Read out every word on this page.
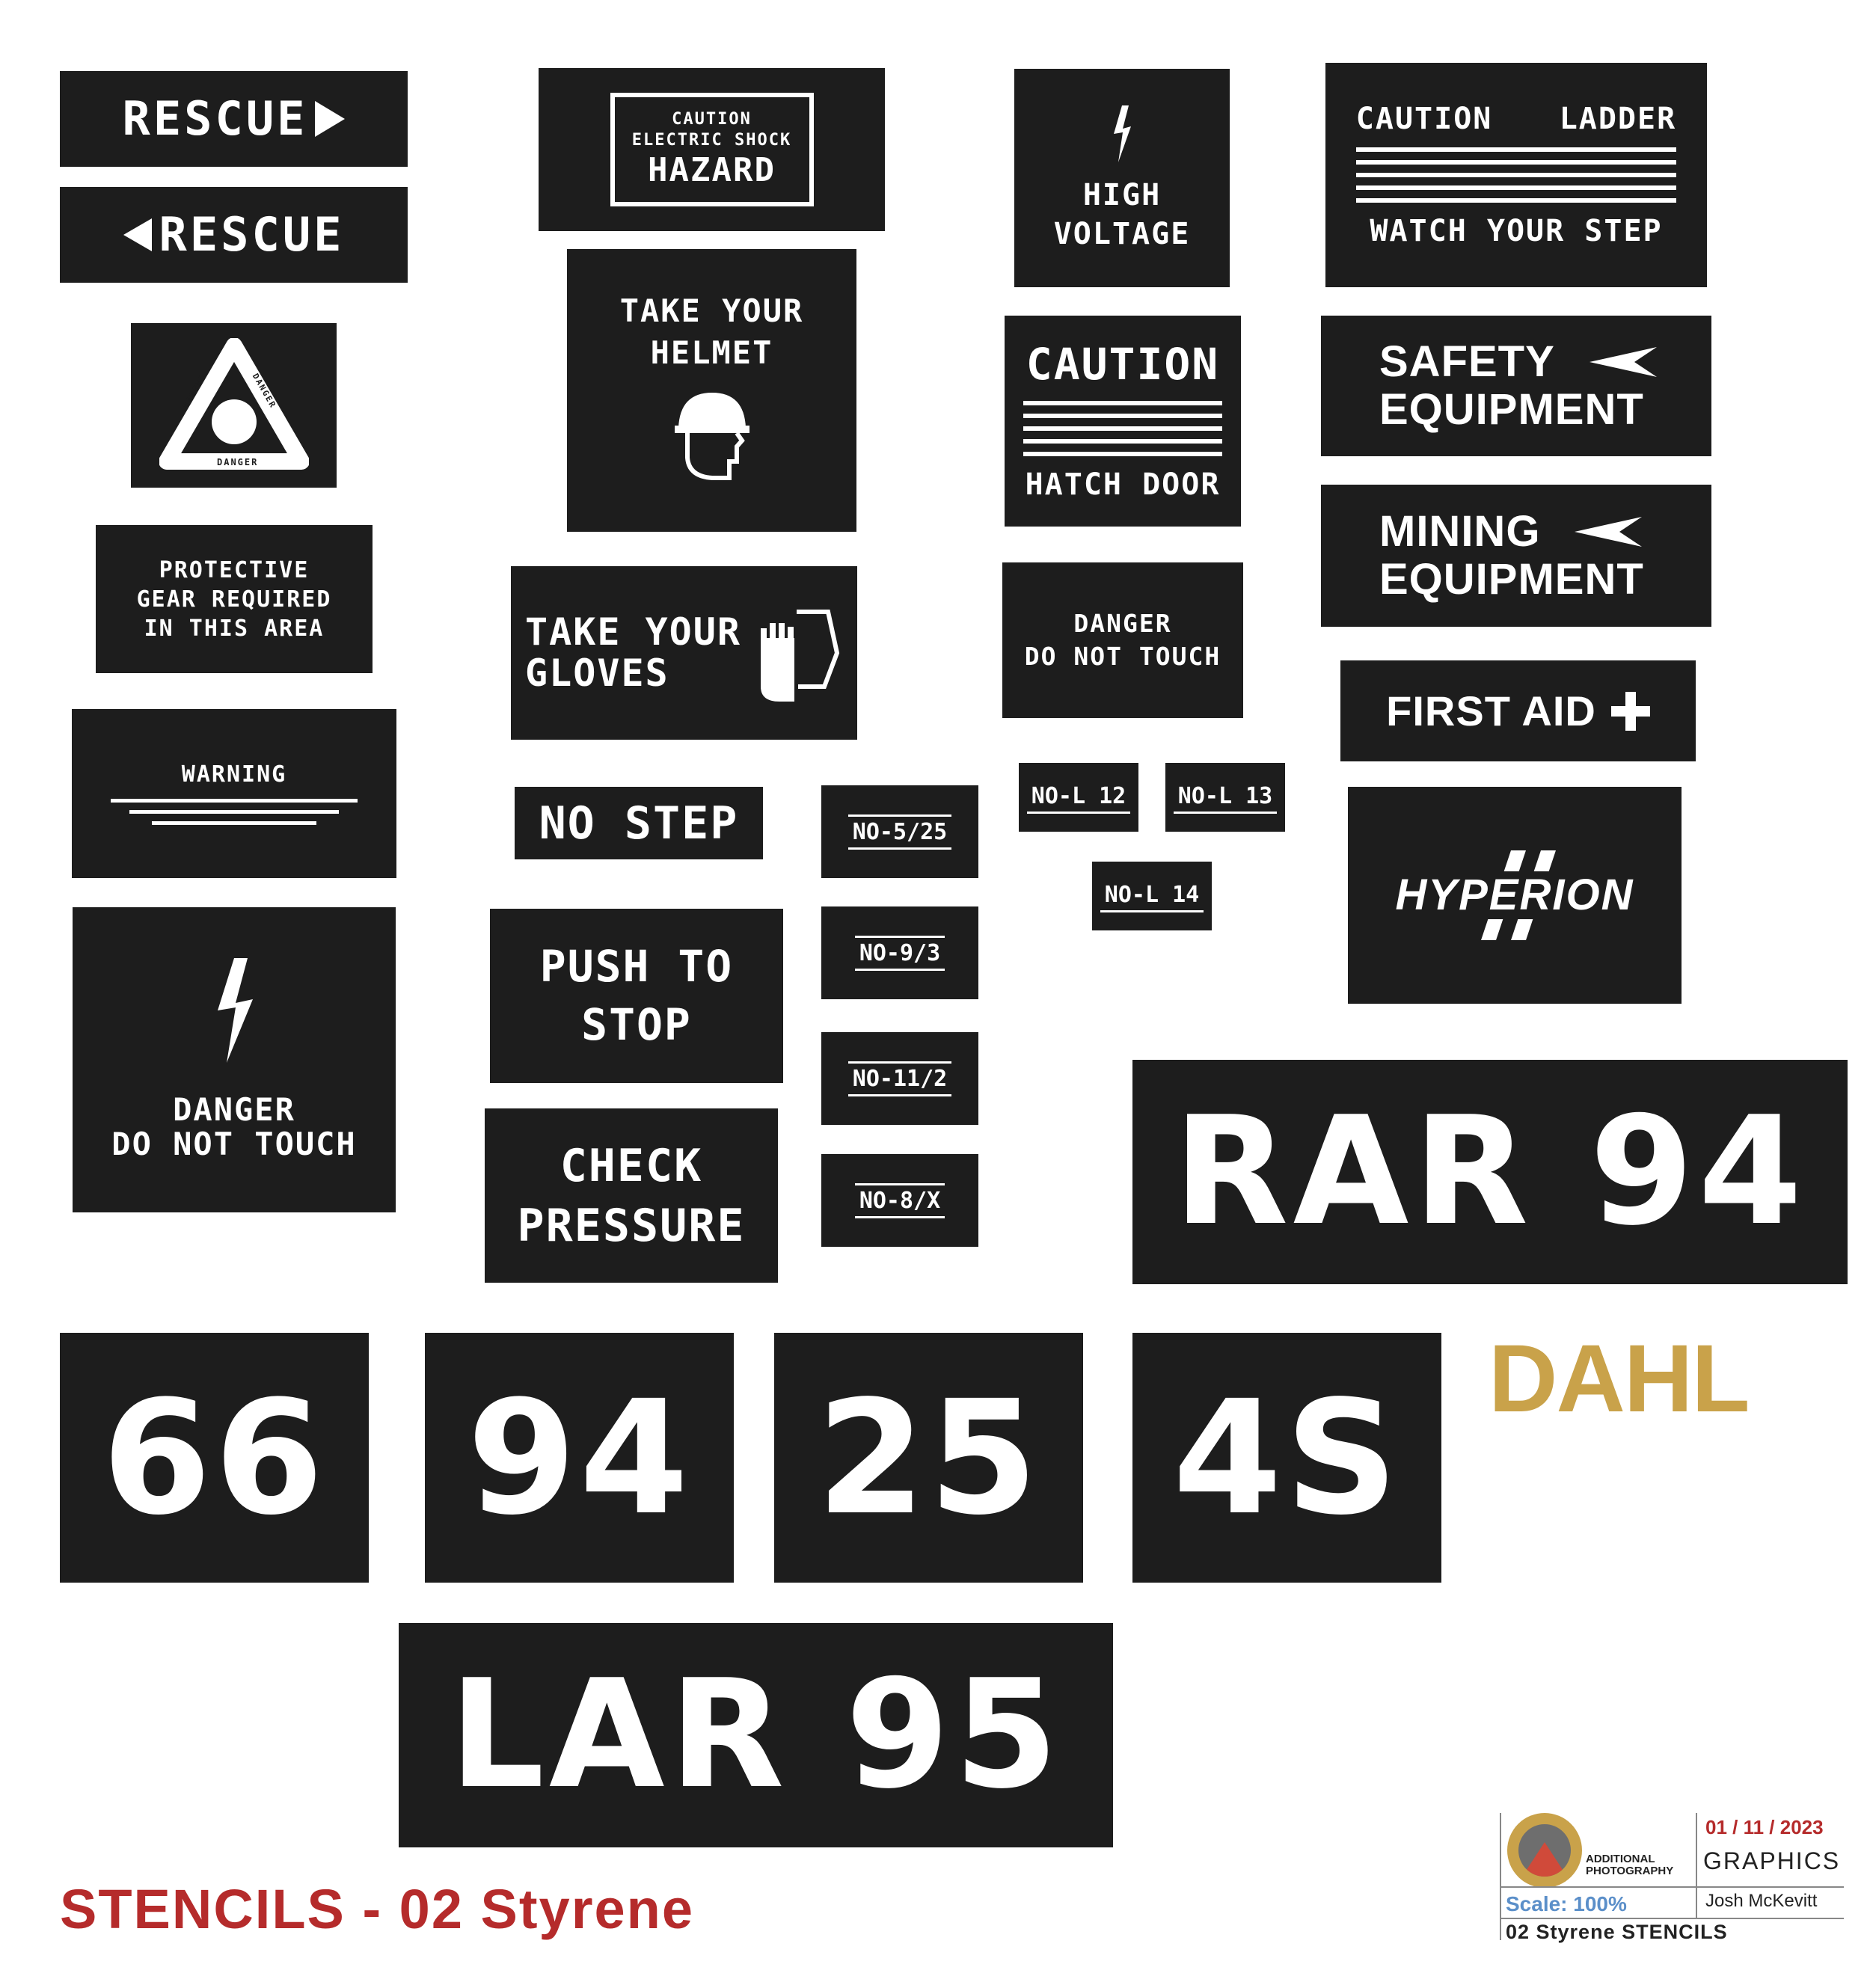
RESCUE
RESCUE
DANGER	DANGER
DANGER
PROTECTIVE
GEAR REQUIRED
IN THIS AREA
WARNING
DANGER
DO NOT TOUCH
CAUTION
ELECTRIC SHOCK
HAZARD
TAKE YOUR
HELMET
TAKE YOUR
GLOVES
NO STEP
PUSH TO
STOP
CHECK
PRESSURE
NO-5/25
NO-9/3
NO-11/2
NO-8/X
HIGH
VOLTAGE
CAUTION
HATCH DOOR
DANGER
DO NOT TOUCH
NO-L 12 NO-L 13
NO-L 14
CAUTION LADDER
WATCH YOUR STEP
SAFETY
EQUIPMENT
MINING
EQUIPMENT
FIRST AID
HYPERION
RAR 94
66 94 25 4S DAHL
LAR 95
STENCILS - 02 Styrene
ADDITIONAL
PHOTOGRAPHY
01 / 11 / 2023
GRAPHICS
Scale: 100%	Josh McKevitt
02 Styrene STENCILS
